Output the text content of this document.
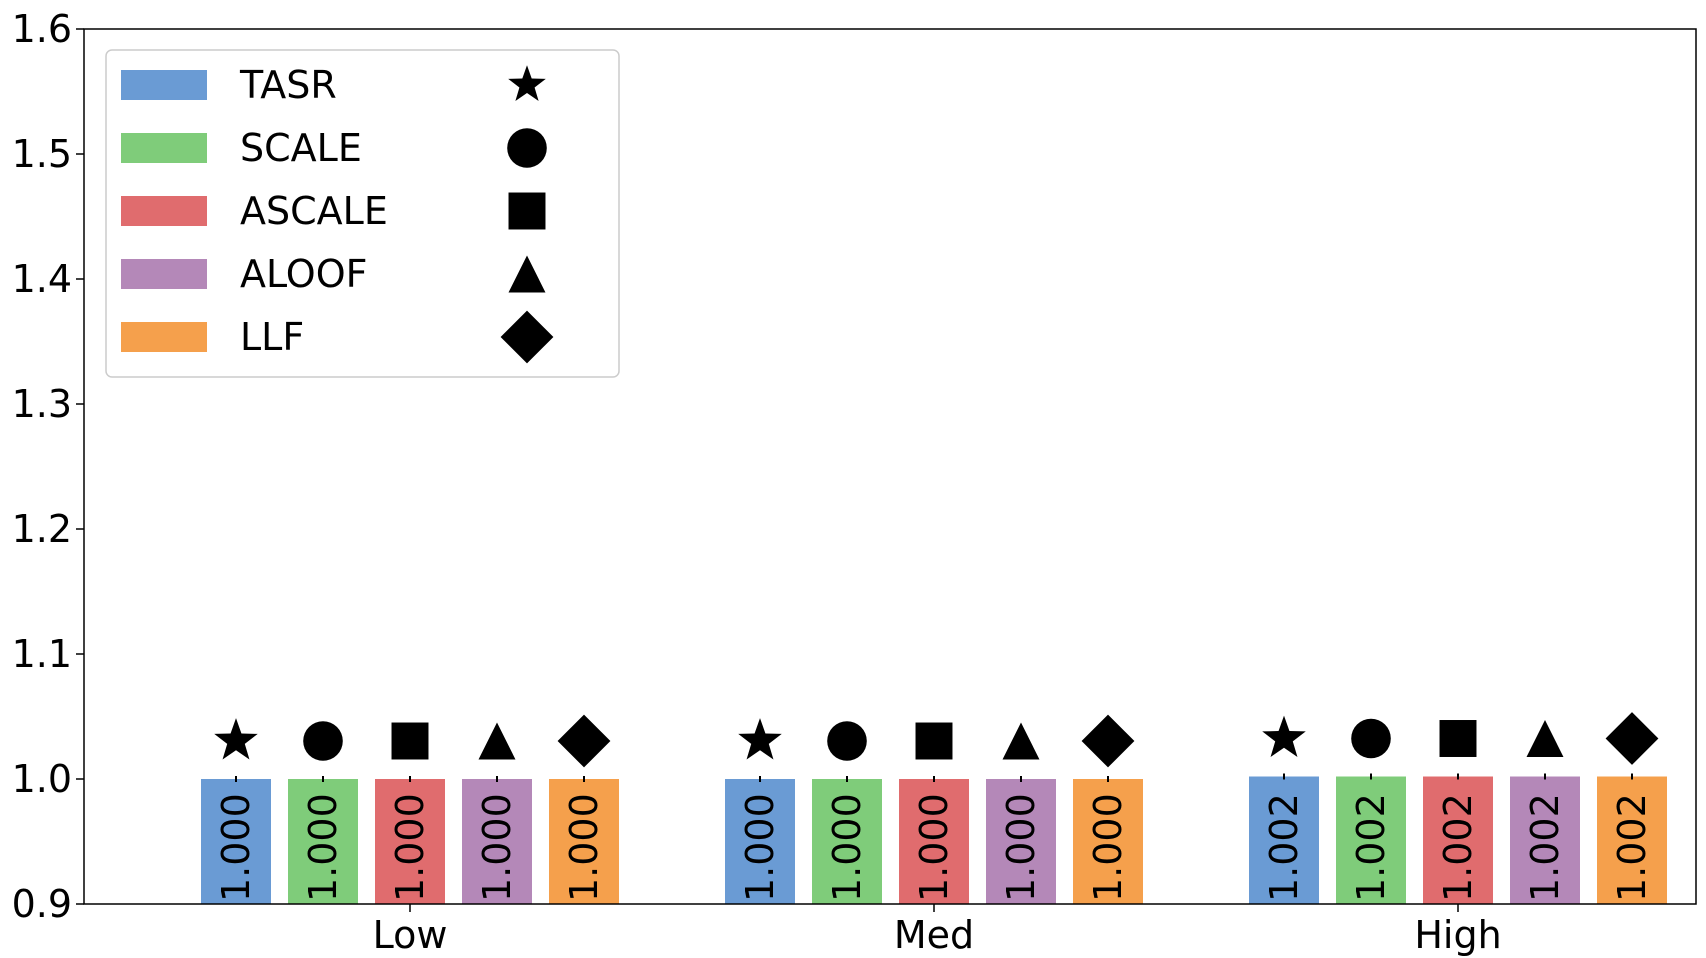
1.000 1.000 1.000 1.000 1.000	1.000 1.000 1.000 1.000 1.000	1.002 1.002 1.002 1.002 1.002
Low	Med	High
0.9
1.0
1.1
1.2
1.3
1.4
1.5
1.6
TASR
SCALE
ASCALE
ALOOF
LLF
